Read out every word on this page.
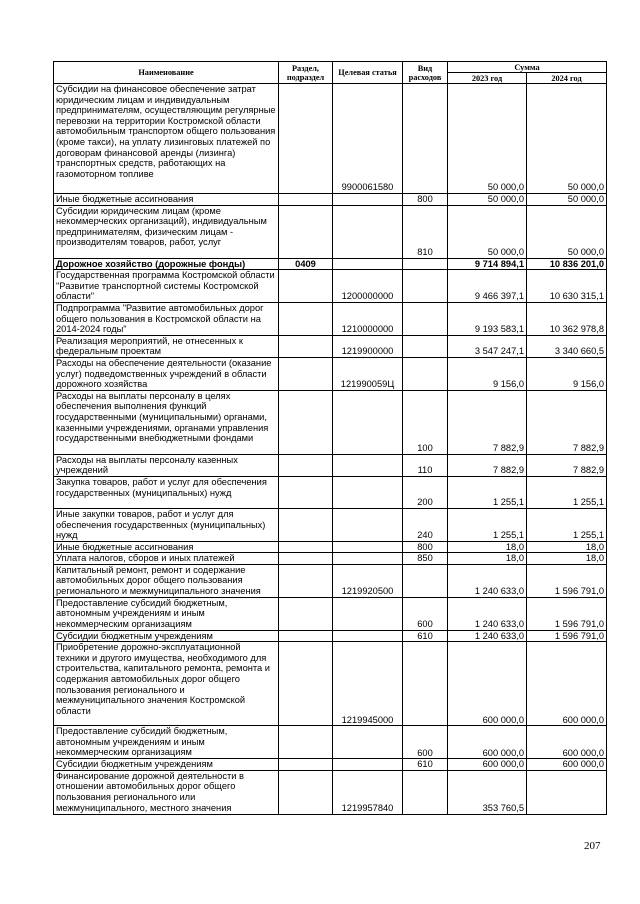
Наименование	Раздел, подраздел	Целевая статья	Вид расходов	Сумма	
				2023 год	2024 год
Субсидии на финансовое обеспечение затрат юридическим лицам и индивидуальным предпринимателям, осуществляющим регулярные перевозки на территории Костромской области автомобильным транспортом общего пользования (кроме такси), на уплату лизинговых платежей по договорам финансовой аренды (лизинга) транспортных средств, работающих на газомоторном топливе		9900061580		50 000,0	50 000,0
Иные бюджетные ассигнования			800	50 000,0	50 000,0
Субсидии юридическим лицам (кроме некоммерческих организаций), индивидуальным предпринимателям, физическим лицам - производителям товаров, работ, услуг			810	50 000,0	50 000,0
Дорожное хозяйство (дорожные фонды)	0409			9 714 894,1	10 836 201,0
Государственная программа Костромской области "Развитие транспортной системы Костромской области"		1200000000		9 466 397,1	10 630 315,1
Подпрограмма "Развитие автомобильных дорог общего пользования в Костромской области на 2014-2024 годы"		1210000000		9 193 583,1	10 362 978,8
Реализация мероприятий, не отнесенных к федеральным проектам		1219900000		3 547 247,1	3 340 660,5
Расходы на обеспечение деятельности (оказание услуг) подведомственных учреждений в области дорожного хозяйства		121990059Ц		9 156,0	9 156,0
Расходы на выплаты персоналу в целях обеспечения выполнения функций государственными (муниципальными) органами, казенными учреждениями, органами управления государственными внебюджетными фондами			100	7 882,9	7 882,9
Расходы на выплаты персоналу казенных учреждений			110	7 882,9	7 882,9
Закупка товаров, работ и услуг для обеспечения государственных (муниципальных) нужд			200	1 255,1	1 255,1
Иные закупки товаров, работ и услуг для обеспечения государственных (муниципальных) нужд			240	1 255,1	1 255,1
Иные бюджетные ассигнования			800	18,0	18,0
Уплата налогов, сборов и иных платежей			850	18,0	18,0
Капитальный ремонт, ремонт и содержание автомобильных дорог общего пользования регионального и межмуниципального значения		1219920500		1 240 633,0	1 596 791,0
Предоставление субсидий бюджетным, автономным учреждениям и иным некоммерческим организациям			600	1 240 633,0	1 596 791,0
Субсидии бюджетным учреждениям			610	1 240 633,0	1 596 791,0
Приобретение дорожно-эксплуатационной техники и другого имущества, необходимого для строительства, капитального ремонта, ремонта и содержания автомобильных дорог общего пользования регионального и межмуниципального значения Костромской области		1219945000		600 000,0	600 000,0
Предоставление субсидий бюджетным, автономным учреждениям и иным некоммерческим организациям			600	600 000,0	600 000,0
Субсидии бюджетным учреждениям			610	600 000,0	600 000,0
Финансирование дорожной деятельности в отношении автомобильных дорог общего пользования регионального или межмуниципального, местного значения		1219957840		353 760,5	
207
